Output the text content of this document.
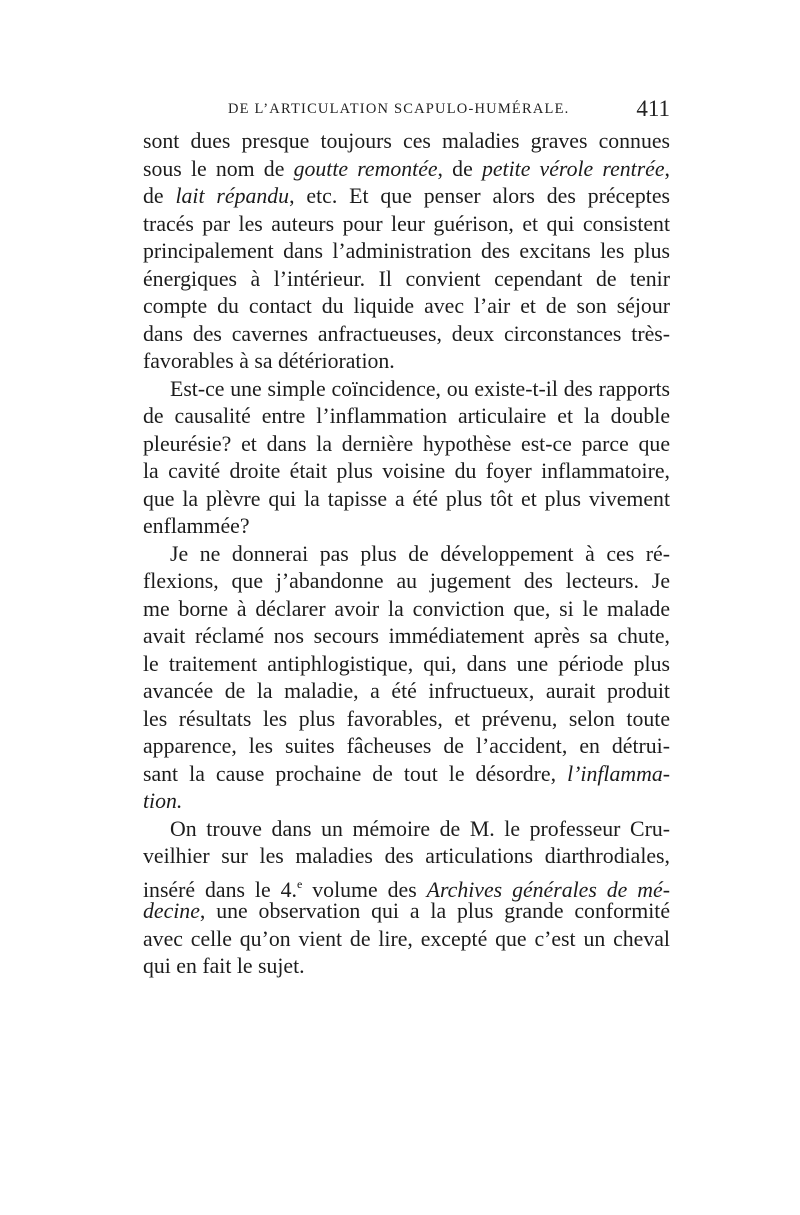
DE L’ARTICULATION SCAPULO-HUMÉRALE.	411
sont dues presque toujours ces maladies graves connues
sous le nom de goutte remontée, de petite vérole rentrée,
de lait répandu, etc. Et que penser alors des préceptes
tracés par les auteurs pour leur guérison, et qui consistent
principalement dans l’administration des excitans les plus
énergiques à l’intérieur. Il convient cependant de tenir
compte du contact du liquide avec l’air et de son séjour
dans des cavernes anfractueuses, deux circonstances très-
favorables à sa détérioration.
Est-ce une simple coïncidence, ou existe-t-il des rapports
de causalité entre l’inflammation articulaire et la double
pleurésie? et dans la dernière hypothèse est-ce parce que
la cavité droite était plus voisine du foyer inflammatoire,
que la plèvre qui la tapisse a été plus tôt et plus vivement
enflammée?
Je ne donnerai pas plus de développement à ces ré-
flexions, que j’abandonne au jugement des lecteurs. Je
me borne à déclarer avoir la conviction que, si le malade
avait réclamé nos secours immédiatement après sa chute,
le traitement antiphlogistique, qui, dans une période plus
avancée de la maladie, a été infructueux, aurait produit
les résultats les plus favorables, et prévenu, selon toute
apparence, les suites fâcheuses de l’accident, en détrui-
sant la cause prochaine de tout le désordre, l’inflamma-
tion.
On trouve dans un mémoire de M. le professeur Cru-
veilhier sur les maladies des articulations diarthrodiales,
inséré dans le 4.$^e$ volume des Archives générales de mé-
decine, une observation qui a la plus grande conformité
avec celle qu’on vient de lire, excepté que c’est un cheval
qui en fait le sujet.
